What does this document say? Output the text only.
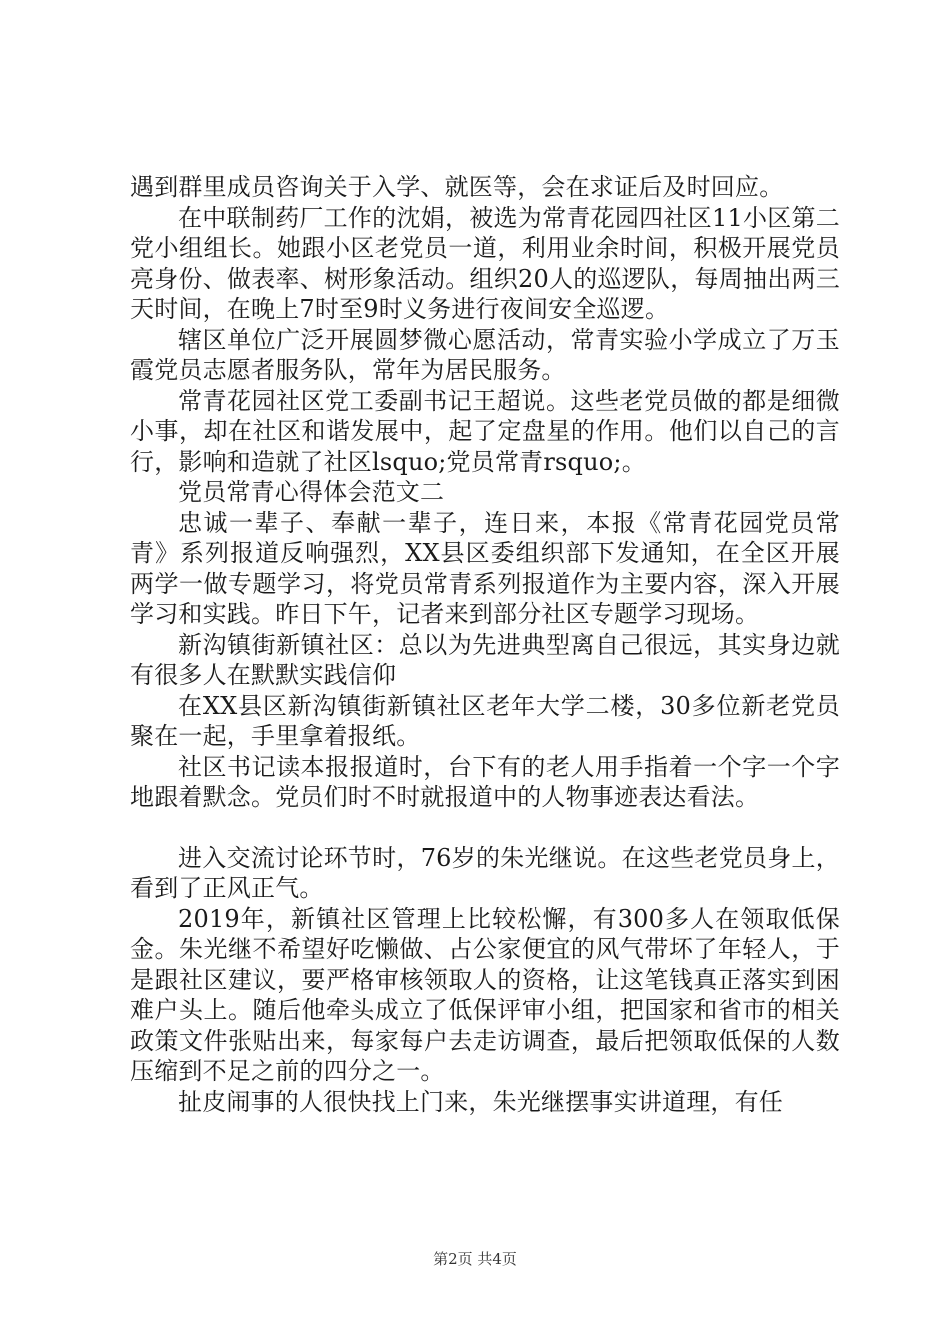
遇到群里成员咨询关于入学、就医等，会在求证后及时回应。

在中联制药厂工作的沈娟，被选为常青花园四社区11小区第二党小组组长。她跟小区老党员一道，利用业余时间，积极开展党员亮身份、做表率、树形象活动。组织20人的巡逻队，每周抽出两三天时间，在晚上7时至9时义务进行夜间安全巡逻。

辖区单位广泛开展圆梦微心愿活动，常青实验小学成立了万玉霞党员志愿者服务队，常年为居民服务。

常青花园社区党工委副书记王超说。这些老党员做的都是细微小事，却在社区和谐发展中，起了定盘星的作用。他们以自己的言行，影响和造就了社区lsquo;党员常青rsquo;。

党员常青心得体会范文二

忠诚一辈子、奉献一辈子，连日来，本报《常青花园党员常青》系列报道反响强烈，XX县区委组织部下发通知，在全区开展两学一做专题学习，将党员常青系列报道作为主要内容，深入开展学习和实践。昨日下午，记者来到部分社区专题学习现场。

新沟镇街新镇社区：总以为先进典型离自己很远，其实身边就有很多人在默默实践信仰

在XX县区新沟镇街新镇社区老年大学二楼，30多位新老党员聚在一起，手里拿着报纸。

社区书记读本报报道时，台下有的老人用手指着一个字一个字地跟着默念。党员们时不时就报道中的人物事迹表达看法。

进入交流讨论环节时，76岁的朱光继说。在这些老党员身上，看到了正风正气。

2019年，新镇社区管理上比较松懈，有300多人在领取低保金。朱光继不希望好吃懒做、占公家便宜的风气带坏了年轻人，于是跟社区建议，要严格审核领取人的资格，让这笔钱真正落实到困难户头上。随后他牵头成立了低保评审小组，把国家和省市的相关政策文件张贴出来，每家每户去走访调查，最后把领取低保的人数压缩到不足之前的四分之一。

扯皮闹事的人很快找上门来，朱光继摆事实讲道理，有任

第2页 共4页
